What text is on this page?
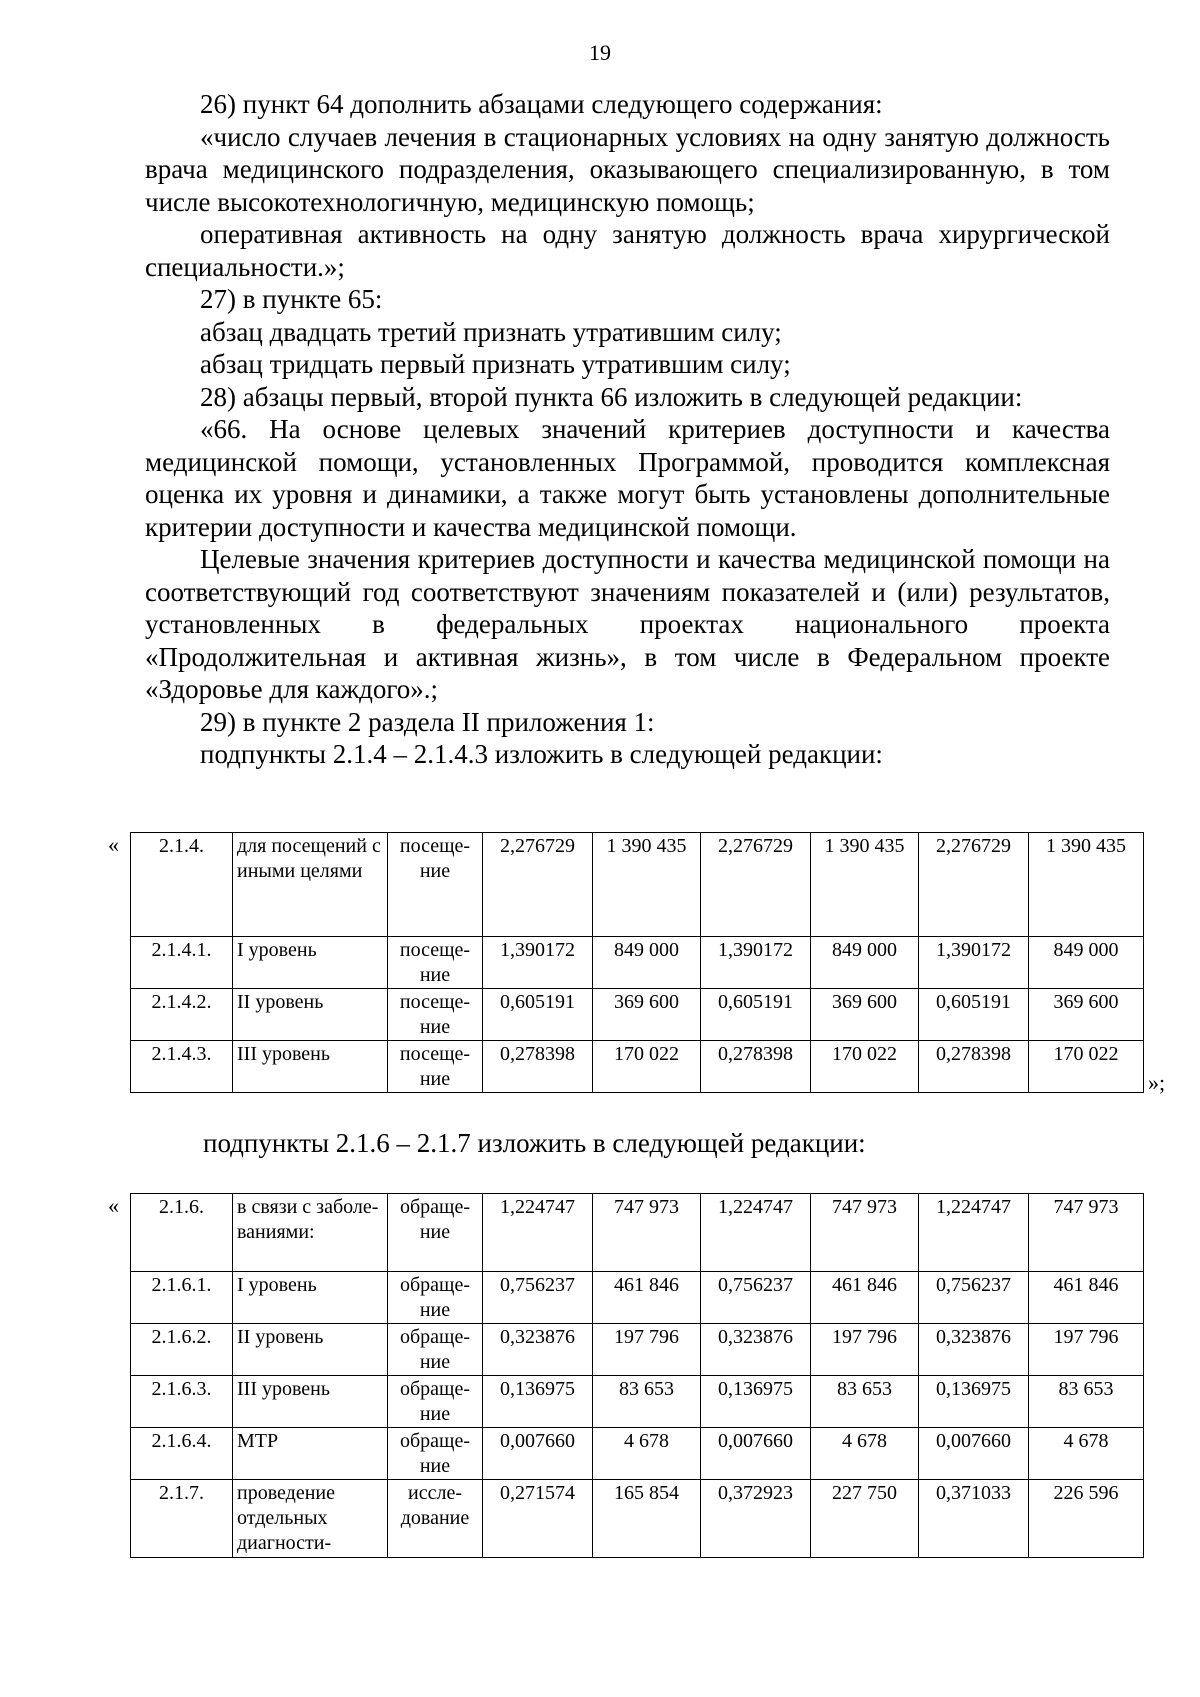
19

26) пункт 64 дополнить абзацами следующего содержания:

«число случаев лечения в стационарных условиях на одну занятую должность врача медицинского подразделения, оказывающего специализированную, в том числе высокотехнологичную, медицинскую помощь;

оперативная активность на одну занятую должность врача хирургической специальности.»;

27) в пункте 65:

абзац двадцать третий признать утратившим силу;

абзац тридцать первый признать утратившим силу;

28) абзацы первый, второй пункта 66 изложить в следующей редакции:

«66. На основе целевых значений критериев доступности и качества медицинской помощи, установленных Программой, проводится комплексная оценка их уровня и динамики, а также могут быть установлены дополнительные критерии доступности и качества медицинской помощи.

Целевые значения критериев доступности и качества медицинской помощи на соответствующий год соответствуют значениям показателей и (или) результатов, установленных в федеральных проектах национального проекта «Продолжительная и активная жизнь», в том числе в Федеральном проекте «Здоровье для каждого».;

29) в пункте 2 раздела II приложения 1:

подпункты 2.1.4 – 2.1.4.3 изложить в следующей редакции:

« 2.1.4.	для посещений с иными целями	посеще-ние	2,276729	1 390 435	2,276729	1 390 435	2,276729	1 390 435
2.1.4.1.	I уровень	посеще-ние	1,390172	849 000	1,390172	849 000	1,390172	849 000
2.1.4.2.	II уровень	посеще-ние	0,605191	369 600	0,605191	369 600	0,605191	369 600
2.1.4.3.	III уровень	посеще-ние	0,278398	170 022	0,278398	170 022	0,278398	170 022
»;
подпункты 2.1.6 – 2.1.7 изложить в следующей редакции:
« 2.1.6.	в связи с заболе-ваниями:	обраще-ние	1,224747	747 973	1,224747	747 973	1,224747	747 973
2.1.6.1.	I уровень	обраще-ние	0,756237	461 846	0,756237	461 846	0,756237	461 846
2.1.6.2.	II уровень	обраще-ние	0,323876	197 796	0,323876	197 796	0,323876	197 796
2.1.6.3.	III уровень	обраще-ние	0,136975	83 653	0,136975	83 653	0,136975	83 653
2.1.6.4.	МТР	обраще-ние	0,007660	4 678	0,007660	4 678	0,007660	4 678
2.1.7.	проведение отдельных диагности-	иссле-дование	0,271574	165 854	0,372923	227 750	0,371033	226 596
